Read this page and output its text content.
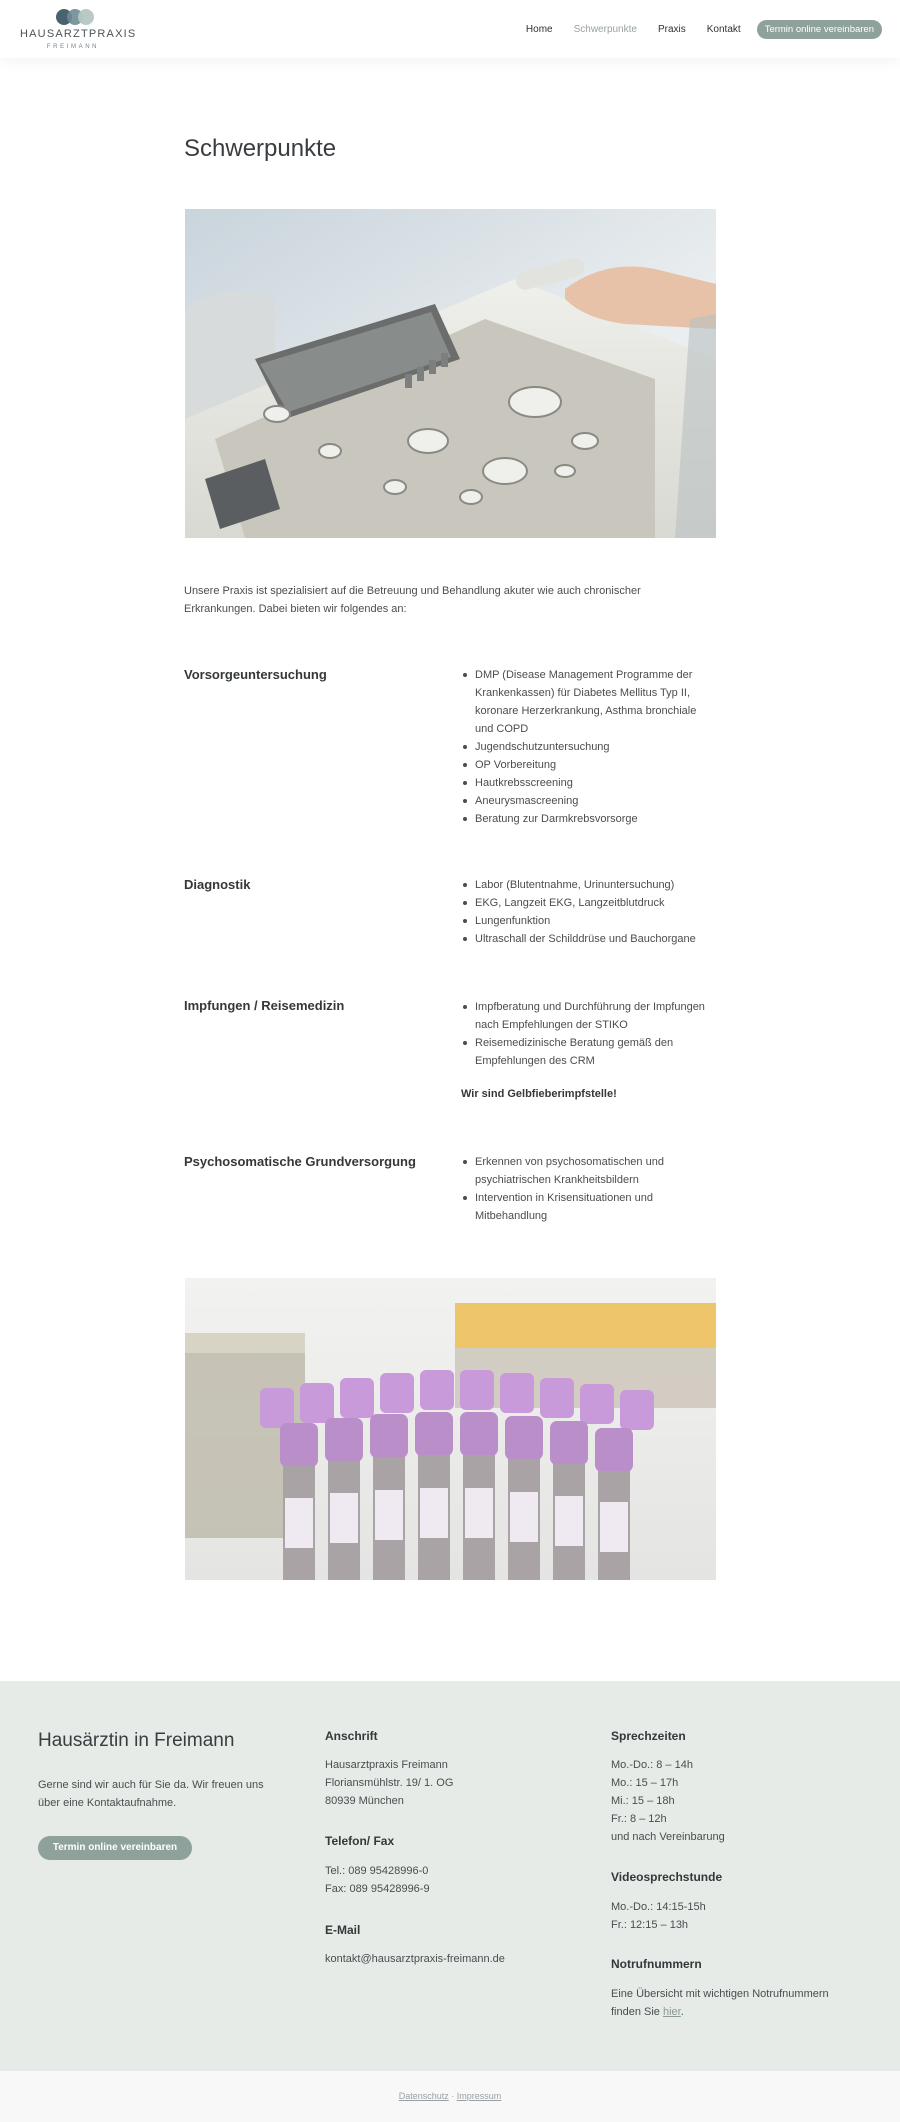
HAUSARZTPRAXIS
FREIMANN
Home Schwerpunkte Praxis Kontakt	Termin online vereinbaren
Schwerpunkte

Unsere Praxis ist spezialisiert auf die Betreuung und Behandlung akuter wie auch chronischer Erkrankungen. Dabei bieten wir folgendes an:

Vorsorgeuntersuchung	DMP (Disease Management Programme der Krankenkassen) für Diabetes Mellitus Typ II, koronare Herzerkrankung, Asthma bronchiale und COPD
Jugendschutzuntersuchung
OP Vorbereitung
Hautkrebsscreening
Aneurysmascreening
Beratung zur Darmkrebsvorsorge
Diagnostik	Labor (Blutentnahme, Urinuntersuchung)
EKG, Langzeit EKG, Langzeitblutdruck
Lungenfunktion
Ultraschall der Schilddrüse und Bauchorgane
Impfungen / Reisemedizin	Impfberatung und Durchführung der Impfungen nach Empfehlungen der STIKO
Reisemedizinische Beratung gemäß den Empfehlungen des CRM
Wir sind Gelbfieberimpfstelle!
Psychosomatische Grundversorgung	Erkennen von psychosomatischen und psychiatrischen Krankheitsbildern
Intervention in Krisensituationen und Mitbehandlung
Hausärztin in Freimann
Gerne sind wir auch für Sie da. Wir freuen uns über eine Kontaktaufnahme.
Termin online vereinbaren
Anschrift
Hausarztpraxis Freimann
Floriansmühlstr. 19/ 1. OG
80939 München
Telefon/ Fax
Tel.: 089 95428996-0
Fax: 089 95428996-9
E-Mail
kontakt@hausarztpraxis-freimann.de
Sprechzeiten
Mo.-Do.: 8 – 14h
Mo.: 15 – 17h
Mi.: 15 – 18h
Fr.: 8 – 12h
und nach Vereinbarung
Videosprechstunde
Mo.-Do.: 14:15-15h
Fr.: 12:15 – 13h
Notrufnummern
Eine Übersicht mit wichtigen Notrufnummern finden Sie hier.
Datenschutz · Impressum
